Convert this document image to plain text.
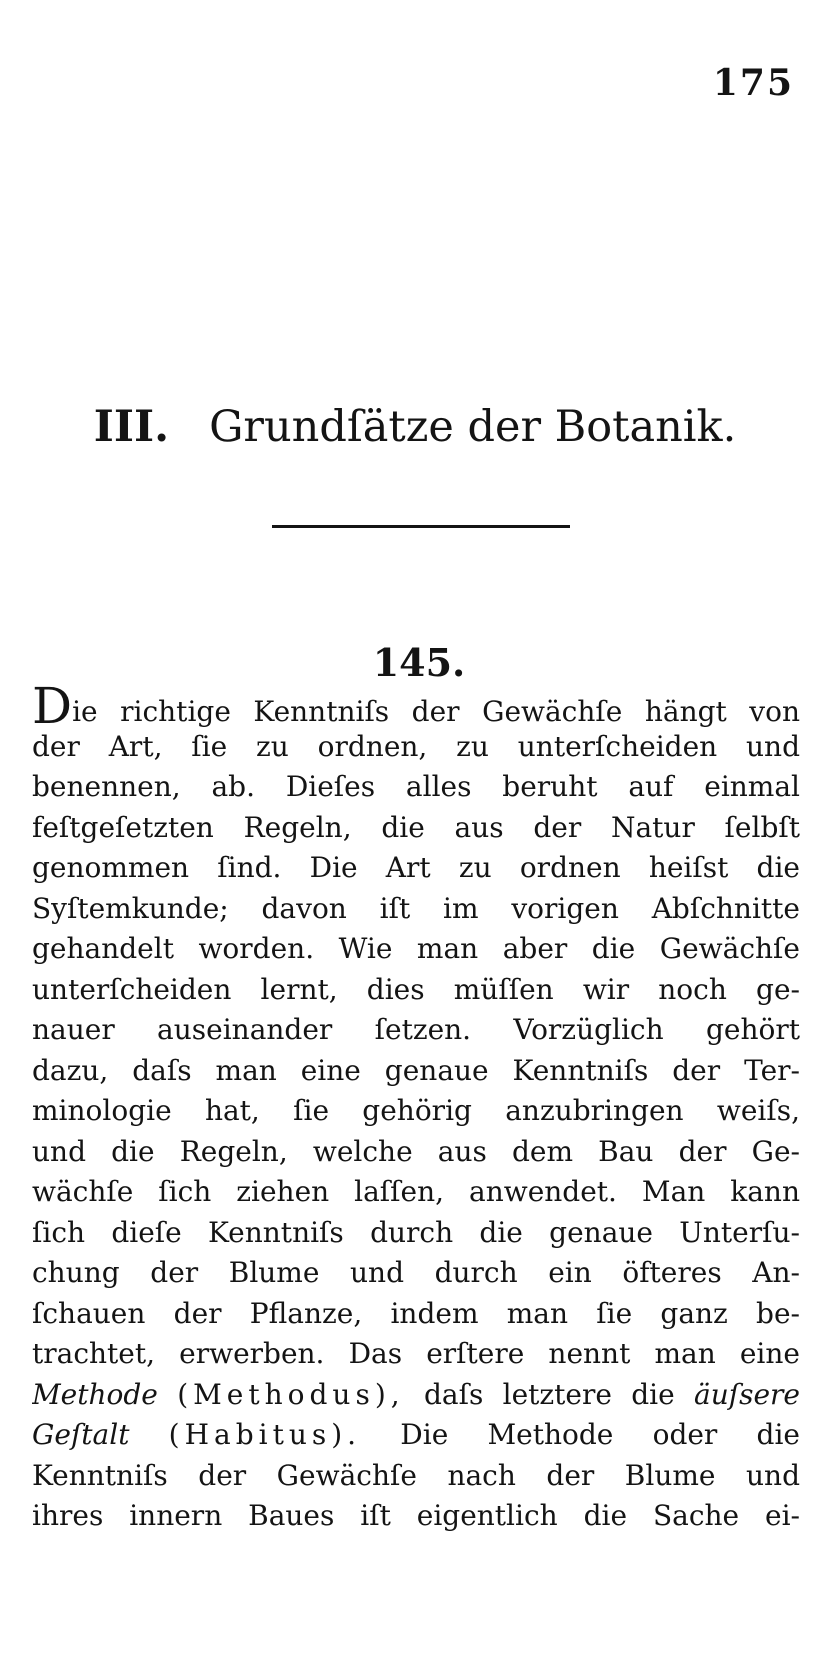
175
III. Grundſätze der Botanik.
145.
Die richtige Kenntniſs der Gewächſe hängt von
der Art, ſie zu ordnen, zu unterſcheiden und
benennen, ab. Dieſes alles beruht auf einmal
feſtgeſetzten Regeln, die aus der Natur ſelbſt
genommen ſind. Die Art zu ordnen heiſst die
Syſtemkunde; davon iſt im vorigen Abſchnitte
gehandelt worden. Wie man aber die Gewächſe
unterſcheiden lernt, dies müſſen wir noch ge-
nauer auseinander ſetzen. Vorzüglich gehört
dazu, daſs man eine genaue Kenntniſs der Ter-
minologie hat, ſie gehörig anzubringen weiſs,
und die Regeln, welche aus dem Bau der Ge-
wächſe ſich ziehen laſſen, anwendet. Man kann
ſich dieſe Kenntniſs durch die genaue Unterſu-
chung der Blume und durch ein öfteres An-
ſchauen der Pflanze, indem man ſie ganz be-
trachtet, erwerben. Das erſtere nennt man eine
Methode (Methodus), daſs letztere die äuſsere
Geſtalt (Habitus). Die Methode oder die
Kenntniſs der Gewächſe nach der Blume und
ihres innern Baues iſt eigentlich die Sache ei-
